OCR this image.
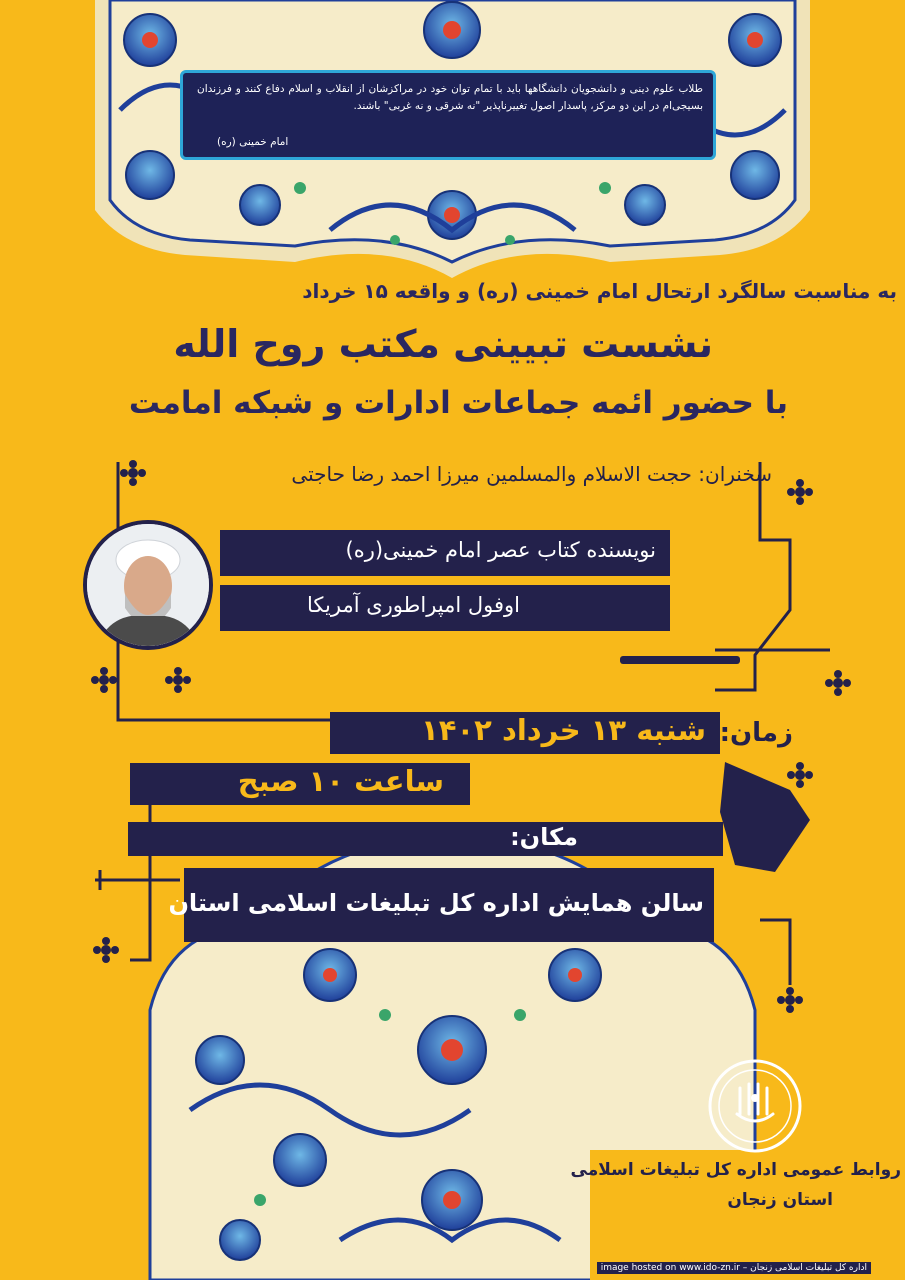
طلاب علوم دینی و دانشجویان دانشگاهها باید با تمام توان خود در مراکزشان از انقلاب و اسلام دفاع کنند و فرزندان بسیجی‌ام در این دو مرکز، پاسدار اصول تغییرناپذیر "نه شرقی و نه غربی" باشند.

امام خمینی (ره)
به مناسبت سالگرد ارتحال امام خمینی (ره) و واقعه ۱۵ خرداد
نشست تبیینی مکتب روح الله
با حضور ائمه جماعات ادارات و شبکه امامت
سخنران: حجت الاسلام والمسلمین میرزا احمد رضا حاجتی
نویسنده کتاب عصر امام خمینی(ره)
اوفول امپراطوری آمریکا
زمان:
شنبه ۱۳ خرداد ۱۴۰۲
ساعت ۱۰ صبح
مکان:
سالن همایش اداره کل تبلیغات اسلامی استان
روابط عمومی اداره کل تبلیغات اسلامی
استان زنجان
image hosted on www.ido-zn.ir – اداره کل تبلیغات اسلامی زنجان
